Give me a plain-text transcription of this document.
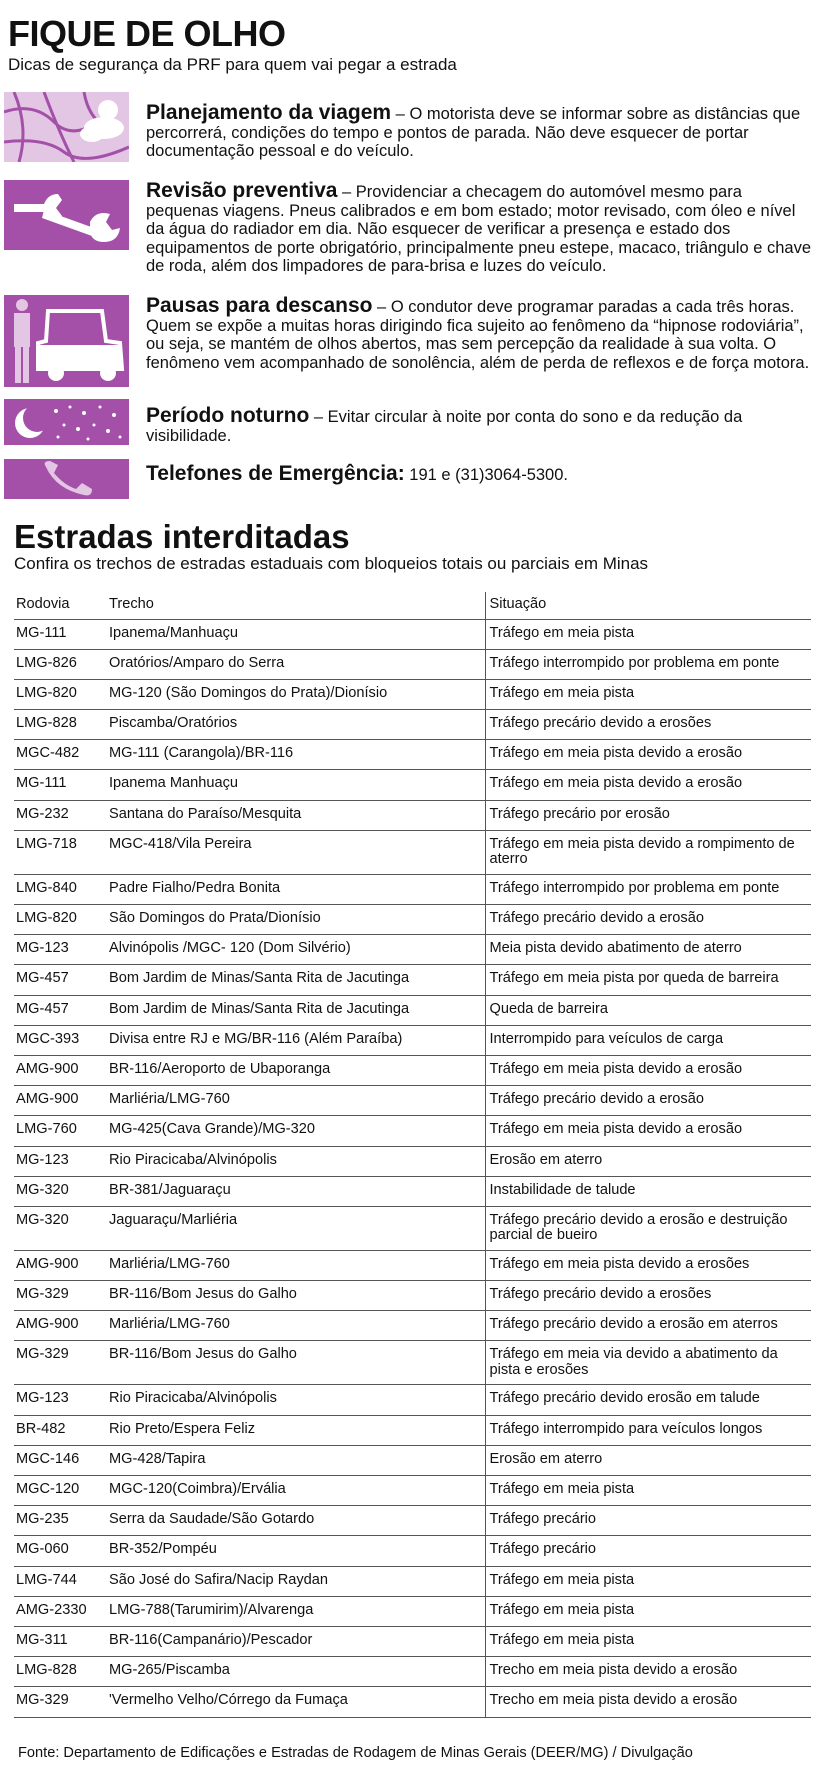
FIQUE DE OLHO
Dicas de segurança da PRF para quem vai pegar a estrada
Planejamento da viagem – O motorista deve se informar sobre as distâncias que percorrerá, condições do tempo e pontos de parada. Não deve esquecer de portar documentação pessoal e do veículo.
Revisão preventiva – Providenciar a checagem do automóvel mesmo para pequenas viagens. Pneus calibrados e em bom estado; motor revisado, com óleo e nível da água do radiador em dia. Não esquecer de verificar a presença e estado dos equipamentos de porte obrigatório, principalmente pneu estepe, macaco, triângulo e chave de roda, além dos limpadores de para-brisa e luzes do veículo.
Pausas para descanso – O condutor deve programar paradas a cada três horas. Quem se expõe a muitas horas dirigindo fica sujeito ao fenômeno da “hipnose rodoviária”, ou seja, se mantém de olhos abertos, mas sem percepção da realidade à sua volta. O fenômeno vem acompanhado de sonolência, além de perda de reflexos e de força motora.
Período noturno – Evitar circular à noite por conta do sono e da redução da visibilidade.
Telefones de Emergência: 191 e (31)3064-5300.
Estradas interditadas
Confira os trechos de estradas estaduais com bloqueios totais ou parciais em Minas
Rodovia	Trecho	Situação
MG-111	Ipanema/Manhuaçu	Tráfego em meia pista
LMG-826	Oratórios/Amparo do Serra	Tráfego interrompido por problema em ponte
LMG-820	MG-120 (São Domingos do Prata)/Dionísio	Tráfego em meia pista
LMG-828	Piscamba/Oratórios	Tráfego precário devido a erosões
MGC-482	MG-111 (Carangola)/BR-116	Tráfego em meia pista devido a erosão
MG-111	Ipanema Manhuaçu	Tráfego em meia pista devido a erosão
MG-232	Santana do Paraíso/Mesquita	Tráfego precário por erosão
LMG-718	MGC-418/Vila Pereira	Tráfego em meia pista devido a rompimento de aterro
LMG-840	Padre Fialho/Pedra Bonita	Tráfego interrompido por problema em ponte
LMG-820	São Domingos do Prata/Dionísio	Tráfego precário devido a erosão
MG-123	Alvinópolis /MGC- 120 (Dom Silvério)	Meia pista devido abatimento de aterro
MG-457	Bom Jardim de Minas/Santa Rita de Jacutinga	Tráfego em meia pista por queda de barreira
MG-457	Bom Jardim de Minas/Santa Rita de Jacutinga	Queda de barreira
MGC-393	Divisa entre RJ e MG/BR-116 (Além Paraíba)	Interrompido para veículos de carga
AMG-900	BR-116/Aeroporto de Ubaporanga	Tráfego em meia pista devido a erosão
AMG-900	Marliéria/LMG-760	Tráfego precário devido a erosão
LMG-760	MG-425(Cava Grande)/MG-320	Tráfego em meia pista devido a erosão
MG-123	Rio Piracicaba/Alvinópolis	Erosão em aterro
MG-320	BR-381/Jaguaraçu	Instabilidade de talude
MG-320	Jaguaraçu/Marliéria	Tráfego precário devido a erosão e destruição parcial de bueiro
AMG-900	Marliéria/LMG-760	Tráfego em meia pista devido a erosões
MG-329	BR-116/Bom Jesus do Galho	Tráfego precário devido a erosões
AMG-900	Marliéria/LMG-760	Tráfego precário devido a erosão em aterros
MG-329	BR-116/Bom Jesus do Galho	Tráfego em meia via devido a abatimento da pista e erosões
MG-123	Rio Piracicaba/Alvinópolis	Tráfego precário devido erosão em talude
BR-482	Rio Preto/Espera Feliz	Tráfego interrompido para veículos longos
MGC-146	MG-428/Tapira	Erosão em aterro
MGC-120	MGC-120(Coimbra)/Ervália	Tráfego em meia pista
MG-235	Serra da Saudade/São Gotardo	Tráfego precário
MG-060	BR-352/Pompéu	Tráfego precário
LMG-744	São José do Safira/Nacip Raydan	Tráfego em meia pista
AMG-2330	LMG-788(Tarumirim)/Alvarenga	Tráfego em meia pista
MG-311	BR-116(Campanário)/Pescador	Tráfego em meia pista
LMG-828	MG-265/Piscamba	Trecho em meia pista devido a erosão
MG-329	'Vermelho Velho/Córrego da Fumaça	Trecho em meia pista devido a erosão
Fonte: Departamento de Edificações e Estradas de Rodagem de Minas Gerais (DEER/MG) / Divulgação
